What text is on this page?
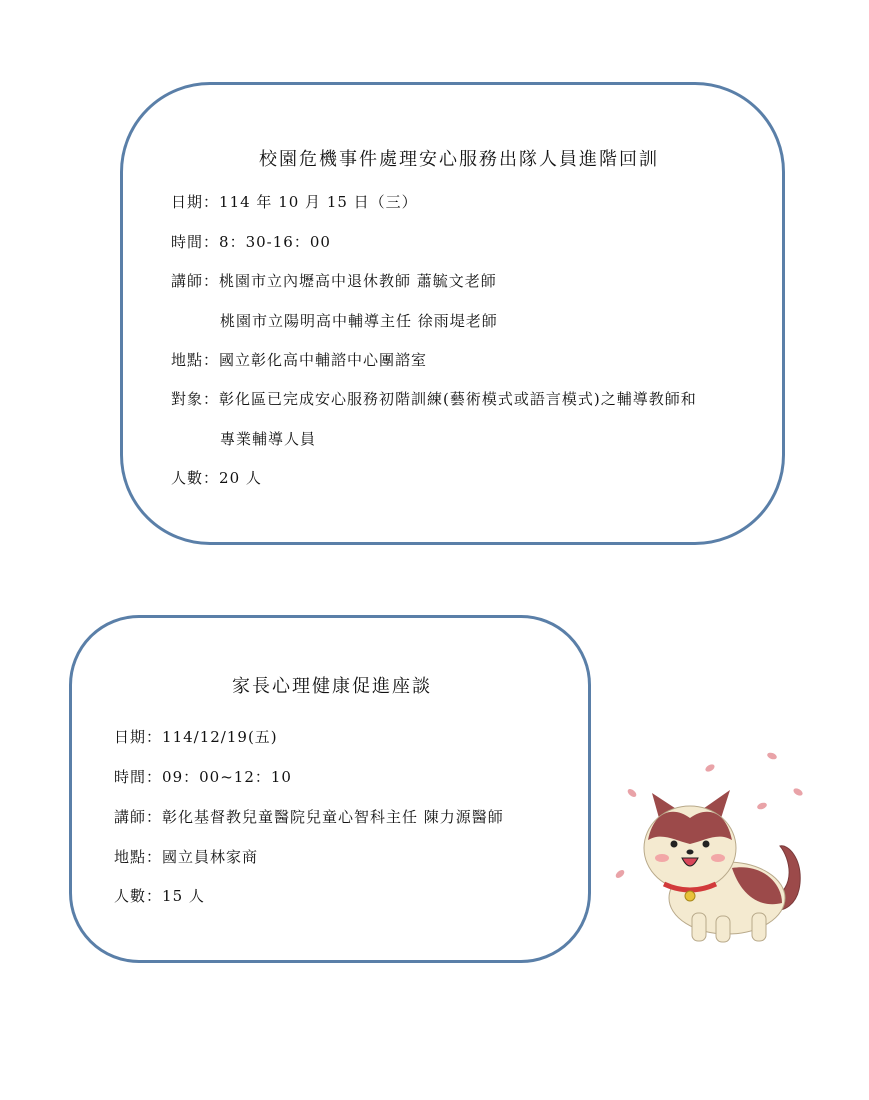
校園危機事件處理安心服務出隊人員進階回訓
日期：114 年 10 月 15 日（三）
時間：8：30-16：00
講師：桃園市立內壢高中退休教師 蕭毓文老師
桃園市立陽明高中輔導主任 徐雨堤老師
地點：國立彰化高中輔諮中心團諮室
對象：彰化區已完成安心服務初階訓練(藝術模式或語言模式)之輔導教師和
專業輔導人員
人數：20 人
家長心理健康促進座談
日期：114/12/19(五)
時間：09：00~12：10
講師：彰化基督教兒童醫院兒童心智科主任 陳力源醫師
地點：國立員林家商
人數：15 人
